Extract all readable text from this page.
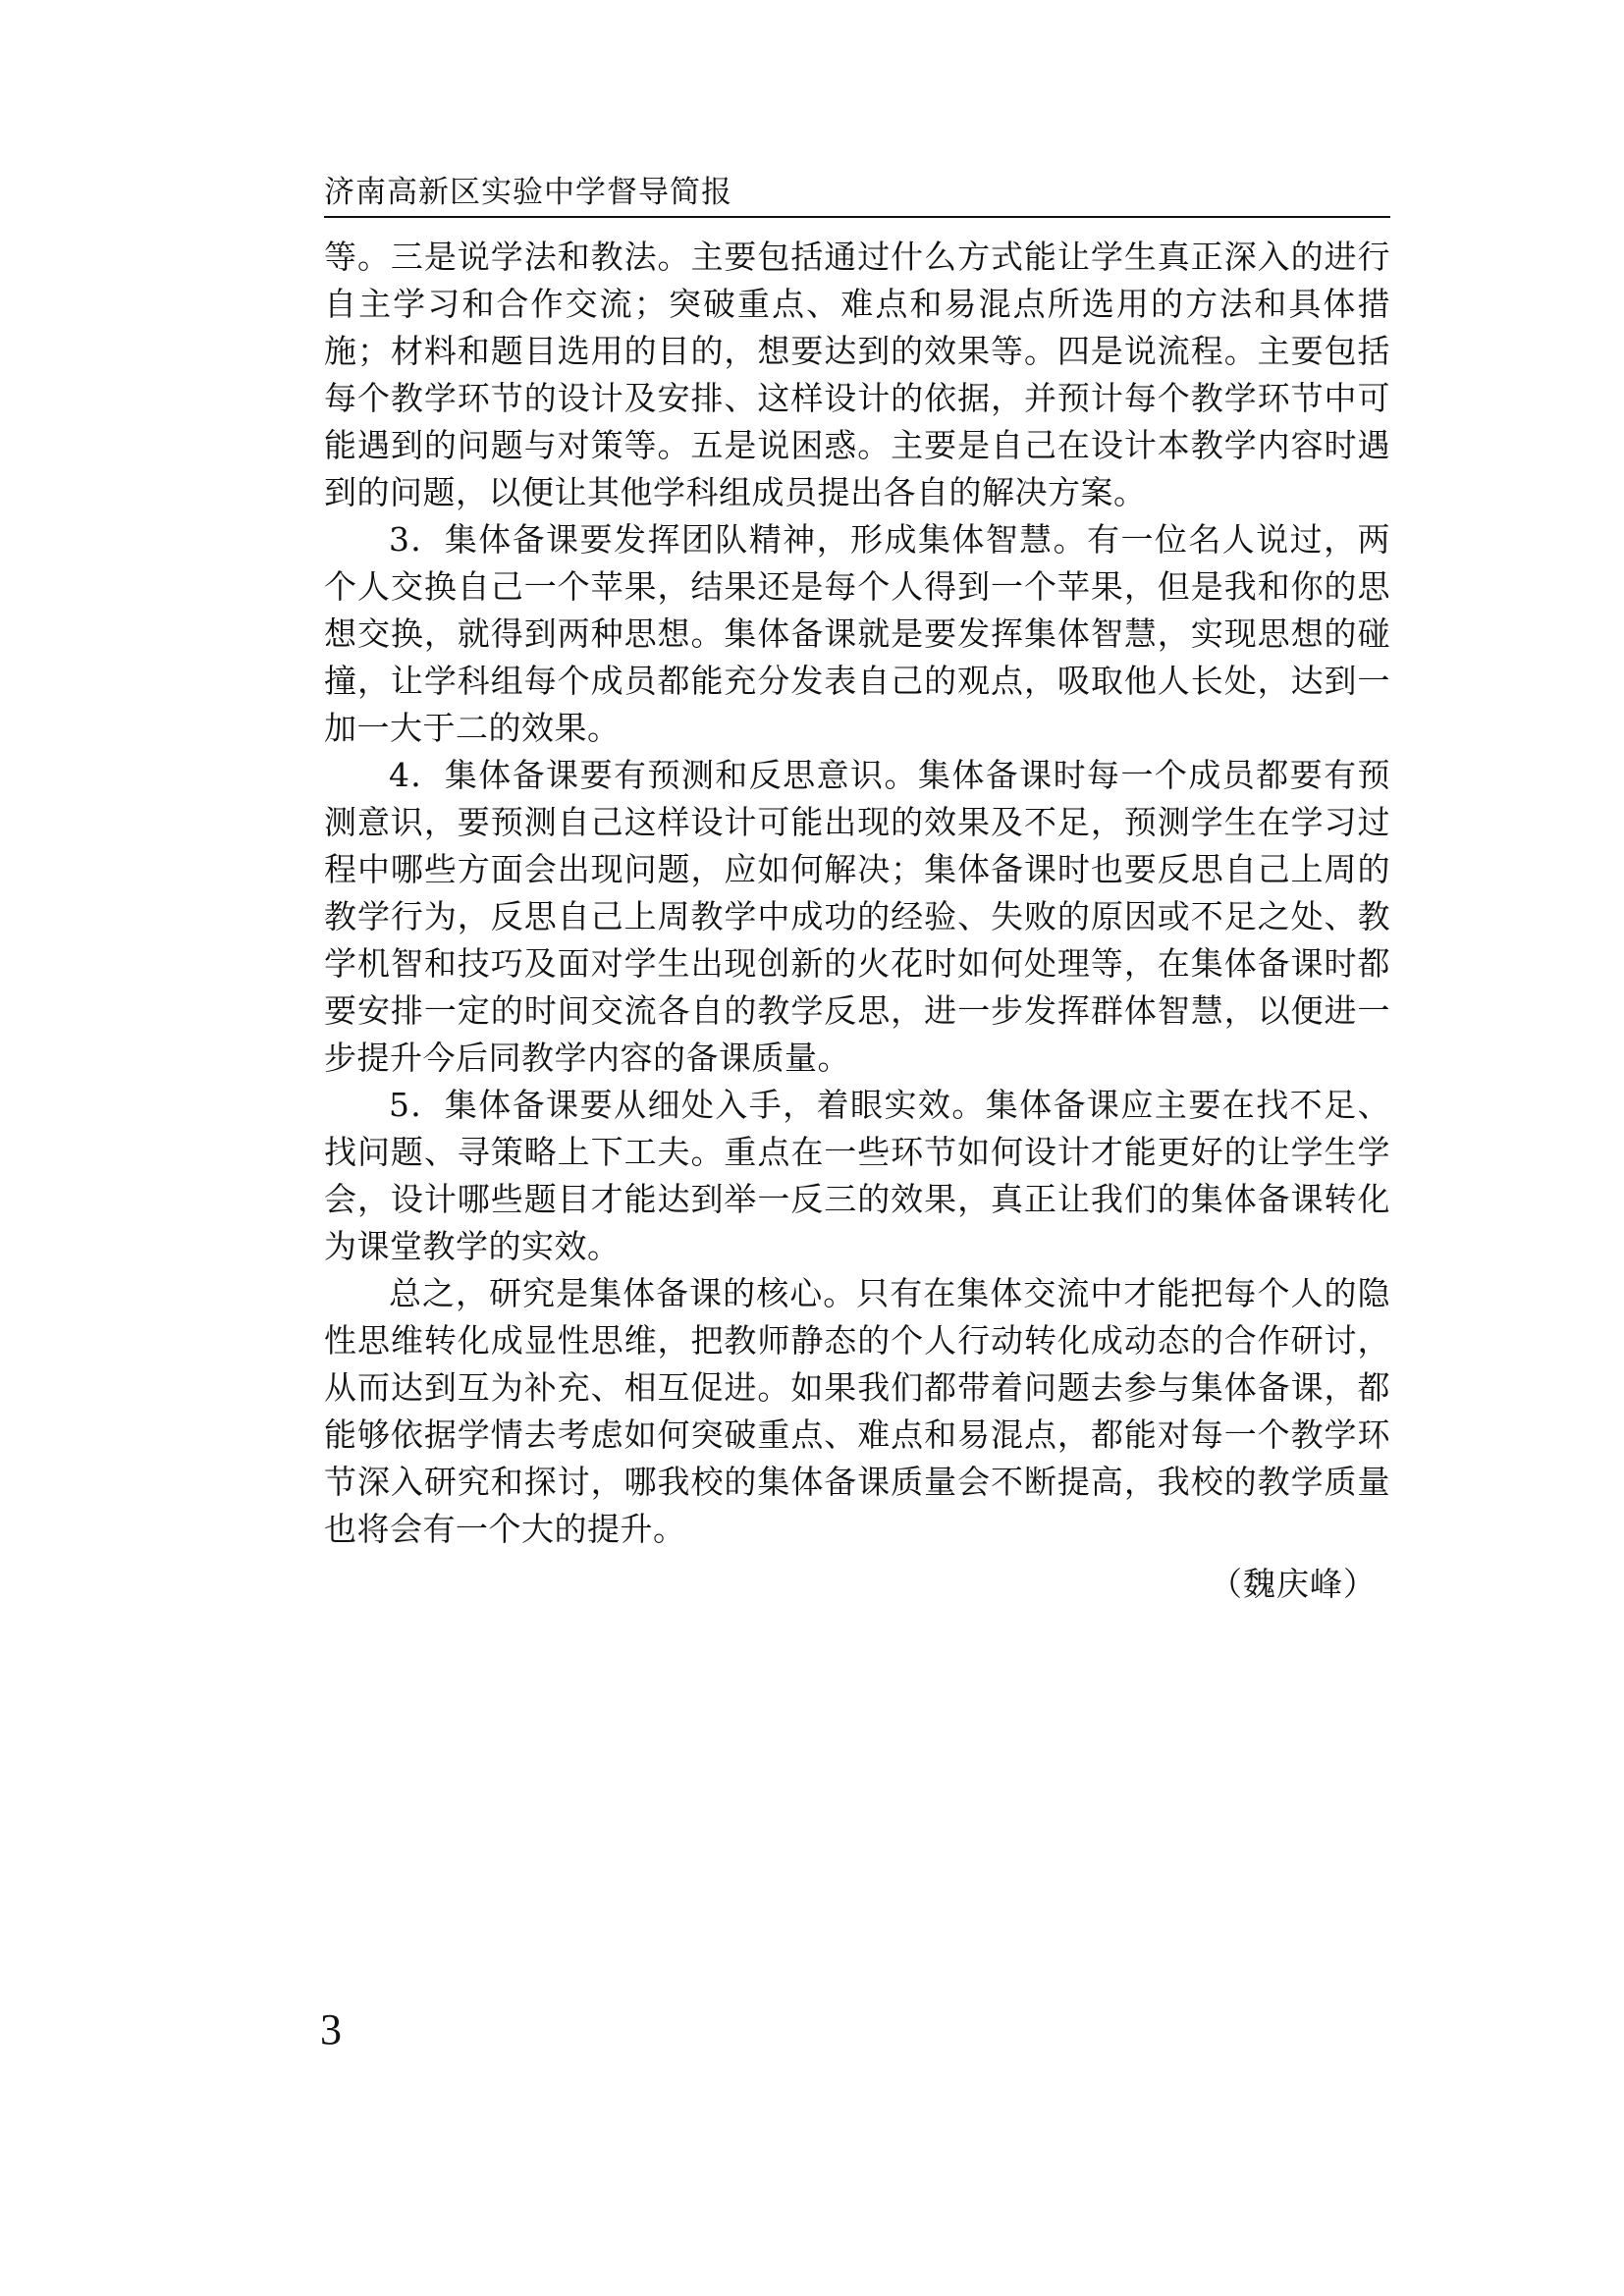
济南高新区实验中学督导简报

等。三是说学法和教法。主要包括通过什么方式能让学生真正深入的进行自主学习和合作交流；突破重点、难点和易混点所选用的方法和具体措施；材料和题目选用的目的，想要达到的效果等。四是说流程。主要包括每个教学环节的设计及安排、这样设计的依据，并预计每个教学环节中可能遇到的问题与对策等。五是说困惑。主要是自己在设计本教学内容时遇到的问题，以便让其他学科组成员提出各自的解决方案。

3．集体备课要发挥团队精神，形成集体智慧。有一位名人说过，两个人交换自己一个苹果，结果还是每个人得到一个苹果，但是我和你的思想交换，就得到两种思想。集体备课就是要发挥集体智慧，实现思想的碰撞，让学科组每个成员都能充分发表自己的观点，吸取他人长处，达到一加一大于二的效果。

4．集体备课要有预测和反思意识。集体备课时每一个成员都要有预测意识，要预测自己这样设计可能出现的效果及不足，预测学生在学习过程中哪些方面会出现问题，应如何解决；集体备课时也要反思自己上周的教学行为，反思自己上周教学中成功的经验、失败的原因或不足之处、教学机智和技巧及面对学生出现创新的火花时如何处理等，在集体备课时都要安排一定的时间交流各自的教学反思，进一步发挥群体智慧，以便进一步提升今后同教学内容的备课质量。

5．集体备课要从细处入手，着眼实效。集体备课应主要在找不足、找问题、寻策略上下工夫。重点在一些环节如何设计才能更好的让学生学会，设计哪些题目才能达到举一反三的效果，真正让我们的集体备课转化为课堂教学的实效。

总之，研究是集体备课的核心。只有在集体交流中才能把每个人的隐性思维转化成显性思维，把教师静态的个人行动转化成动态的合作研讨，从而达到互为补充、相互促进。如果我们都带着问题去参与集体备课，都能够依据学情去考虑如何突破重点、难点和易混点，都能对每一个教学环节深入研究和探讨，哪我校的集体备课质量会不断提高，我校的教学质量也将会有一个大的提升。

（魏庆峰）

3
